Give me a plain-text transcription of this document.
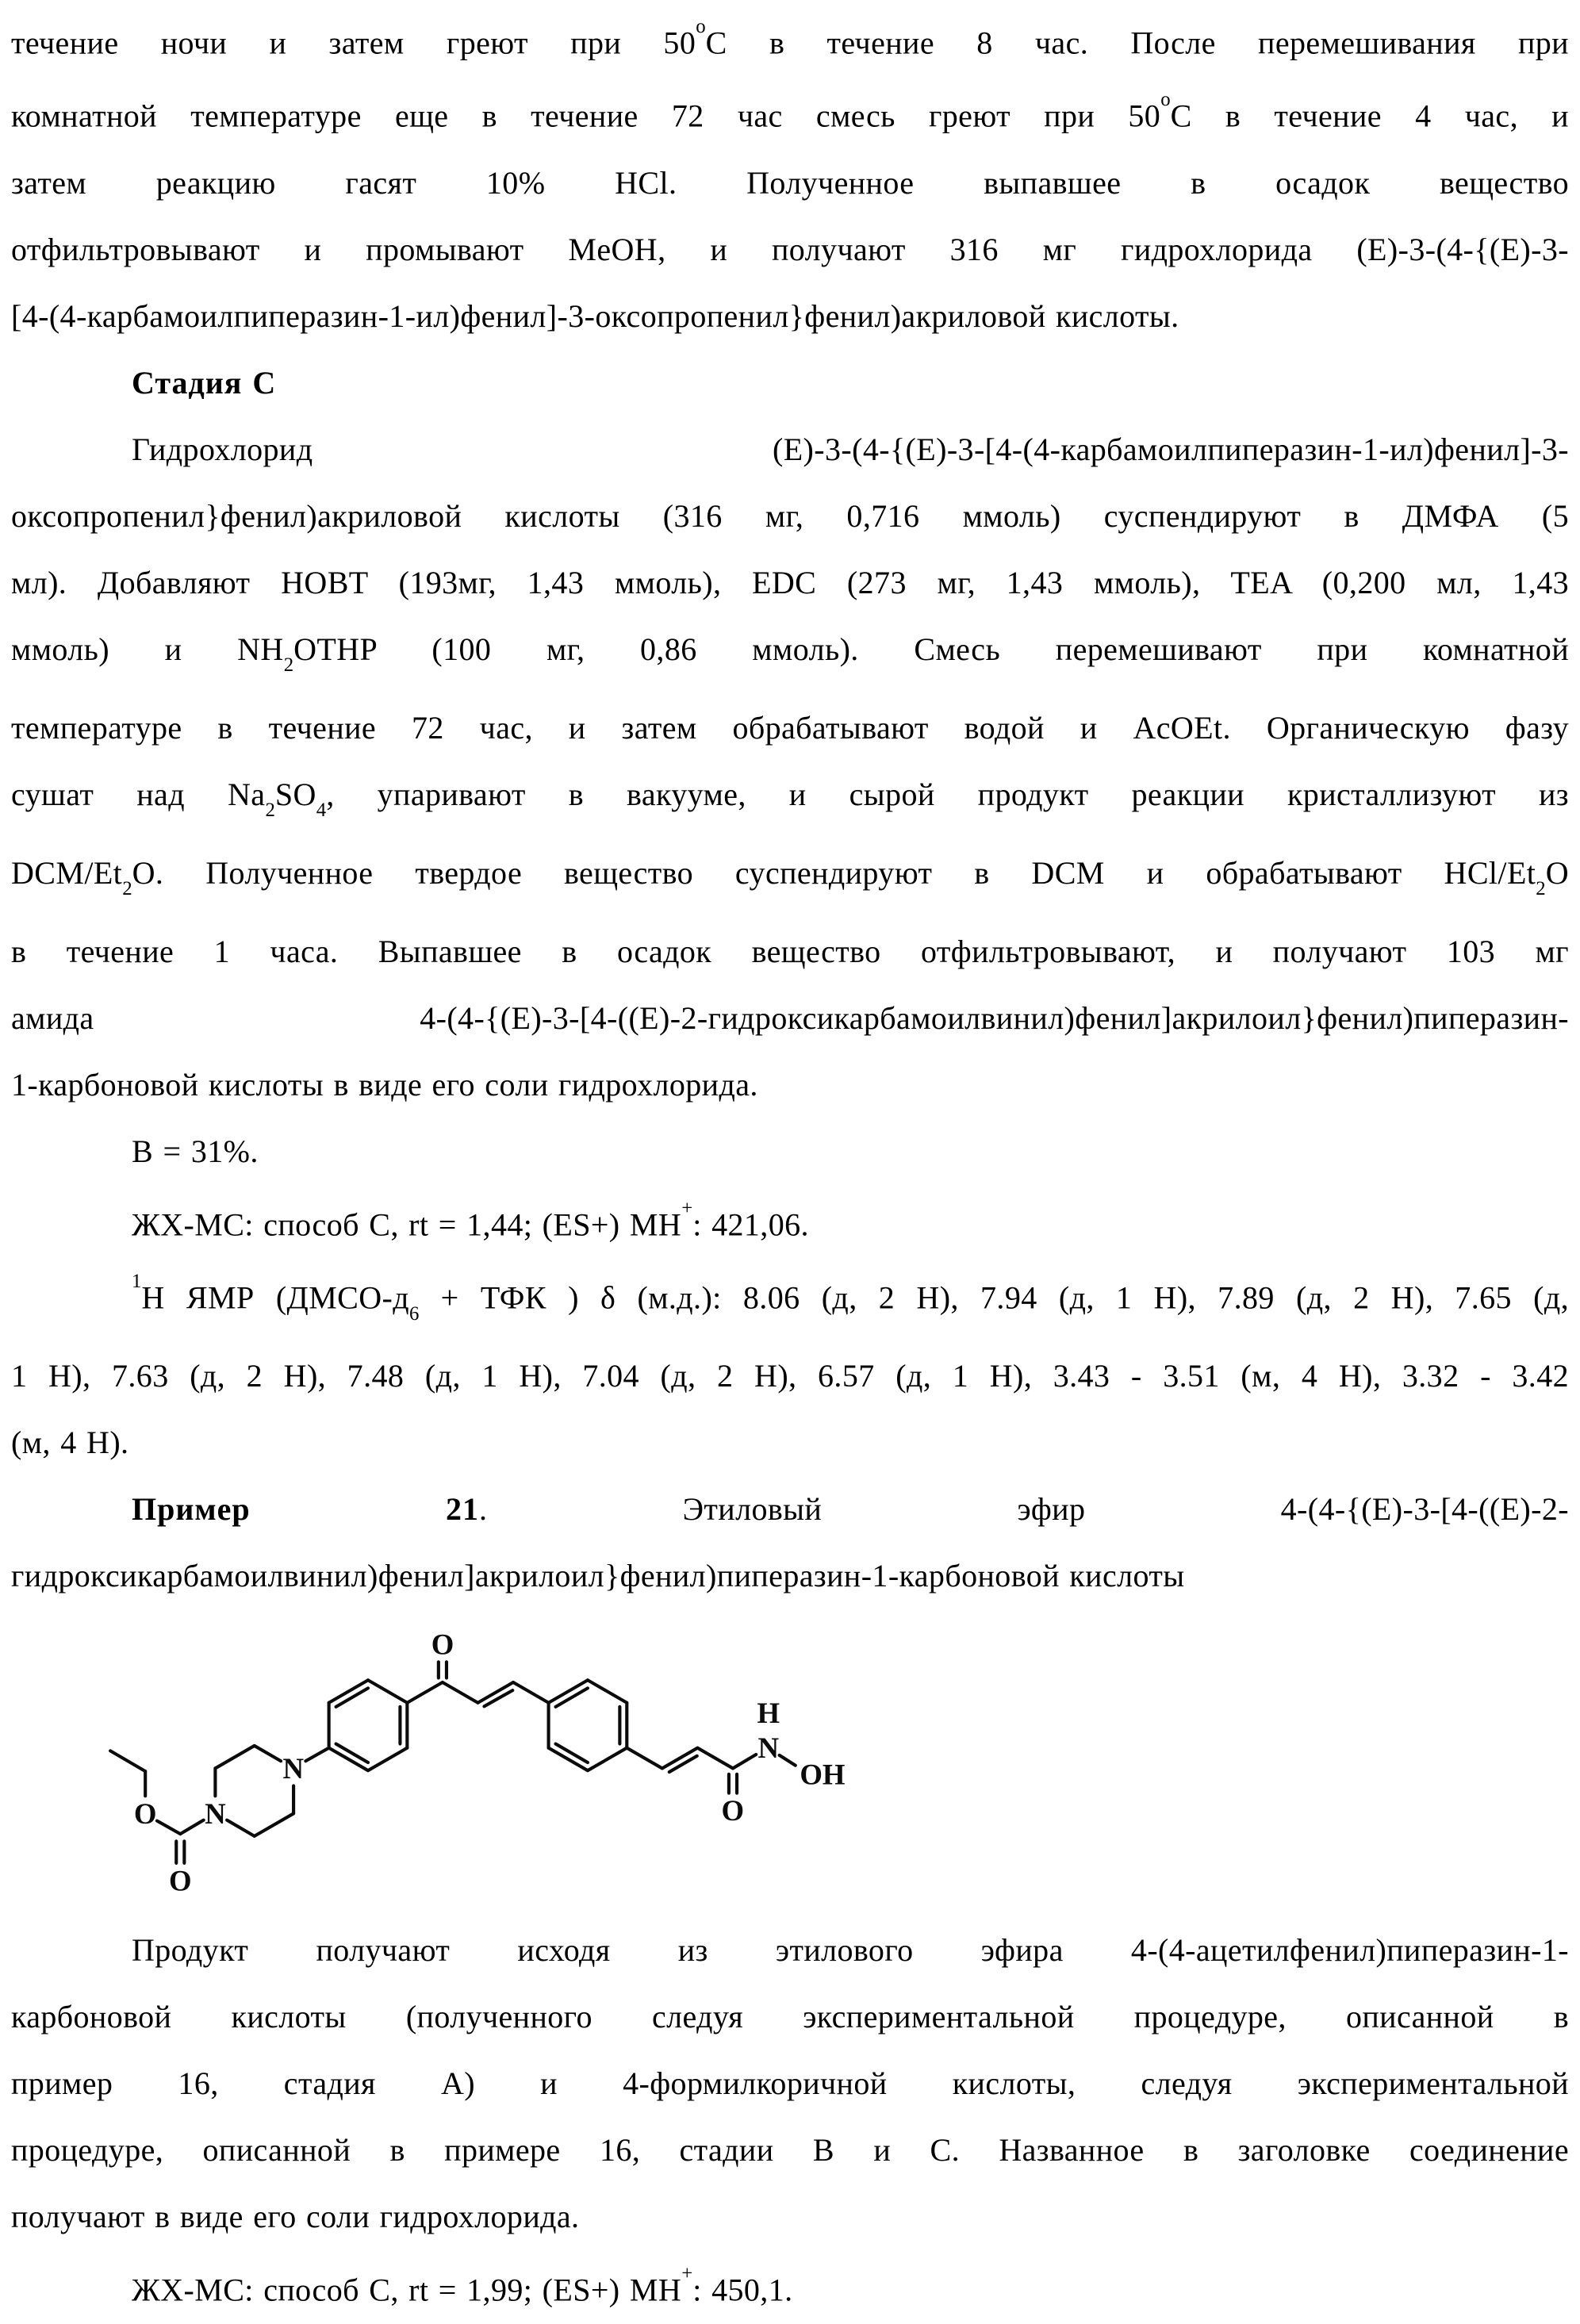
течение ночи и затем греют при $50^оС$ в течение 8 час. После перемешивания при
комнатной температуре еще в течение 72 час смесь греют при $50^оС$ в течение 4 час, и
затем реакцию гасят 10% HCl. Полученное выпавшее в осадок вещество
отфильтровывают и промывают MeOH, и получают 316 мг гидрохлорида (E)-3-(4-{(E)-3-
[4-(4-карбамоилпиперазин-1-ил)фенил]-3-оксопропенил}фенил)акриловой кислоты.
Стадия C
Гидрохлорид (E)-3-(4-{(E)-3-[4-(4-карбамоилпиперазин-1-ил)фенил]-3-
оксопропенил}фенил)акриловой кислоты (316 мг, 0,716 ммоль) суспендируют в ДМФА (5
мл). Добавляют HOBT (193мг, 1,43 ммоль), EDC (273 мг, 1,43 ммоль), TEA (0,200 мл, 1,43
ммоль) и $NH_2OTHP$ (100 мг, 0,86 ммоль). Смесь перемешивают при комнатной
температуре в течение 72 час, и затем обрабатывают водой и AcOEt. Органическую фазу
сушат над $Na_2SO_4$, упаривают в вакууме, и сырой продукт реакции кристаллизуют из
DCM/$Et_2O$. Полученное твердое вещество суспендируют в DCM и обрабатывают HCl/$Et_2O$
в течение 1 часа. Выпавшее в осадок вещество отфильтровывают, и получают 103 мг
амида 4-(4-{(E)-3-[4-((E)-2-гидроксикарбамоилвинил)фенил]акрилоил}фенил)пиперазин-
1-карбоновой кислоты в виде его соли гидрохлорида.
B = 31%.
ЖХ-МС: способ C, rt = 1,44; (ES+) MH+: 421,06.
$^1$H ЯМР ($ДМСО-д_6$ + ТФК ) δ (м.д.): 8.06 (д, 2 H), 7.94 (д, 1 H), 7.89 (д, 2 H), 7.65 (д,
1 H), 7.63 (д, 2 H), 7.48 (д, 1 H), 7.04 (д, 2 H), 6.57 (д, 1 H), 3.43 - 3.51 (м, 4 H), 3.32 - 3.42
(м, 4 H).
Пример	21. Этиловый эфир 4-(4-{(E)-3-[4-((E)-2-
гидроксикарбамоилвинил)фенил]акрилоил}фенил)пиперазин-1-карбоновой кислоты
O
O
N
N
O
O
N
H
OH
Продукт получают исходя из этилового эфира 4-(4-ацетилфенил)пиперазин-1-
карбоновой кислоты (полученного следуя экспериментальной процедуре, описанной в
пример 16, стадия A) и 4-формилкоричной кислоты, следуя экспериментальной
процедуре, описанной в примере 16, стадии B и C. Названное в заголовке соединение
получают в виде его соли гидрохлорида.
ЖХ-МС: способ C, rt = 1,99; (ES+) MH+: 450,1.
